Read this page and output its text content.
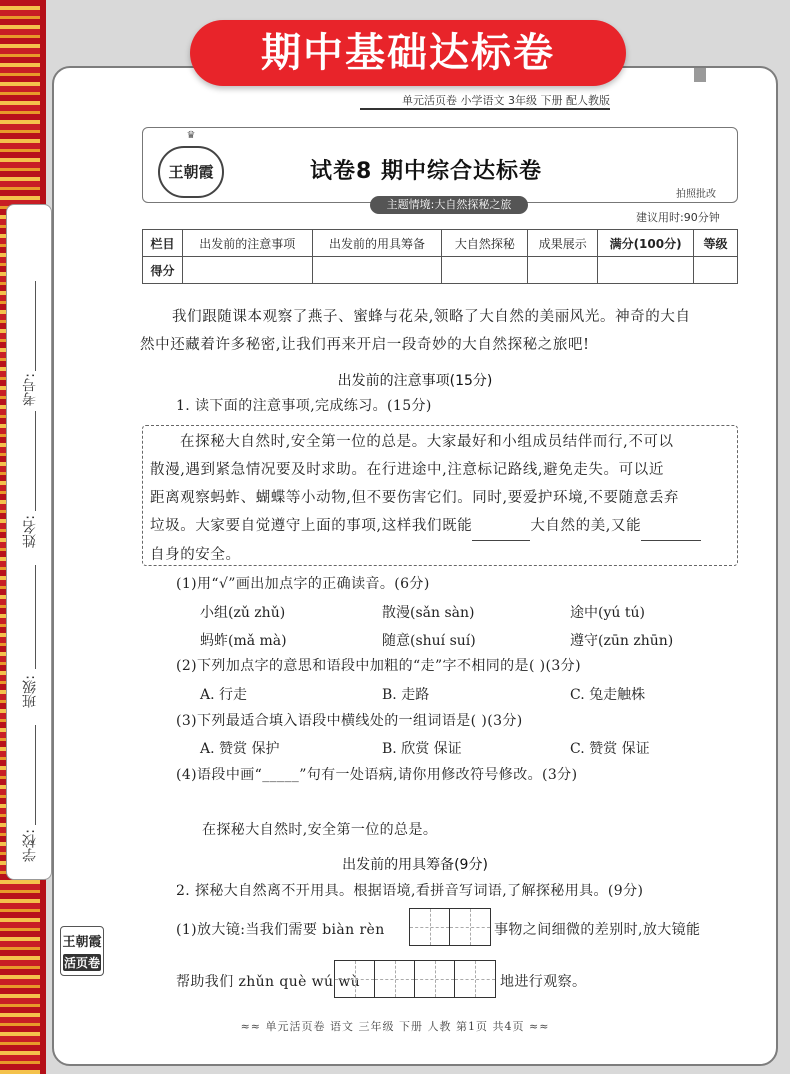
期中基础达标卷
考号:
姓名:
班级:
学校:
王朝霞
活页卷
单元活页卷 小学语文 3年级 下册 配人教版
♛
王朝霞	试卷8 期中综合达标卷
拍照批改
主题情境:大自然探秘之旅
建议用时:90分钟
栏目	出发前的注意事项	出发前的用具筹备	大自然探秘	成果展示	满分(100分)	等级
得分						
我们跟随课本观察了燕子、蜜蜂与花朵,领略了大自然的美丽风光。神奇的大自
然中还藏着许多秘密,让我们再来开启一段奇妙的大自然探秘之旅吧!
出发前的注意事项(15分)
1. 读下面的注意事项,完成练习。(15分)
在探秘大自然时,安全第一位的总是。大家最好和小组成员结伴而行,不可以
散漫,遇到紧急情况要及时求助。在行进途中,注意标记路线,避免走失。可以近
距离观察蚂蚱、蝴蝶等小动物,但不要伤害它们。同时,要爱护环境,不要随意丢弃
垃圾。大家要自觉遵守上面的事项,这样我们既能	大自然的美,又能
自身的安全。
(1)用“√”画出加点字的正确读音。(6分)
小组(zǔ zhǔ)	散漫(sǎn sàn)	途中(yú tú)
蚂蚱(mǎ mà)	随意(shuí suí)	遵守(zūn zhūn)
(2)下列加点字的意思和语段中加粗的“走”字不相同的是( )(3分)
A. 行走	B. 走路	C. 兔走触株
(3)下列最适合填入语段中横线处的一组词语是( )(3分)
A. 赞赏 保护	B. 欣赏 保证	C. 赞赏 保证
(4)语段中画“_____”句有一处语病,请你用修改符号修改。(3分)
在探秘大自然时,安全第一位的总是。
出发前的用具筹备(9分)
2. 探秘大自然离不开用具。根据语境,看拼音写词语,了解探秘用具。(9分)
(1)放大镜:当我们需要 biàn rèn	事物之间细微的差别时,放大镜能
帮助我们 zhǔn què wú wù	地进行观察。
≈≈ 单元活页卷 语文 三年级 下册 人教 第1页 共4页 ≈≈
